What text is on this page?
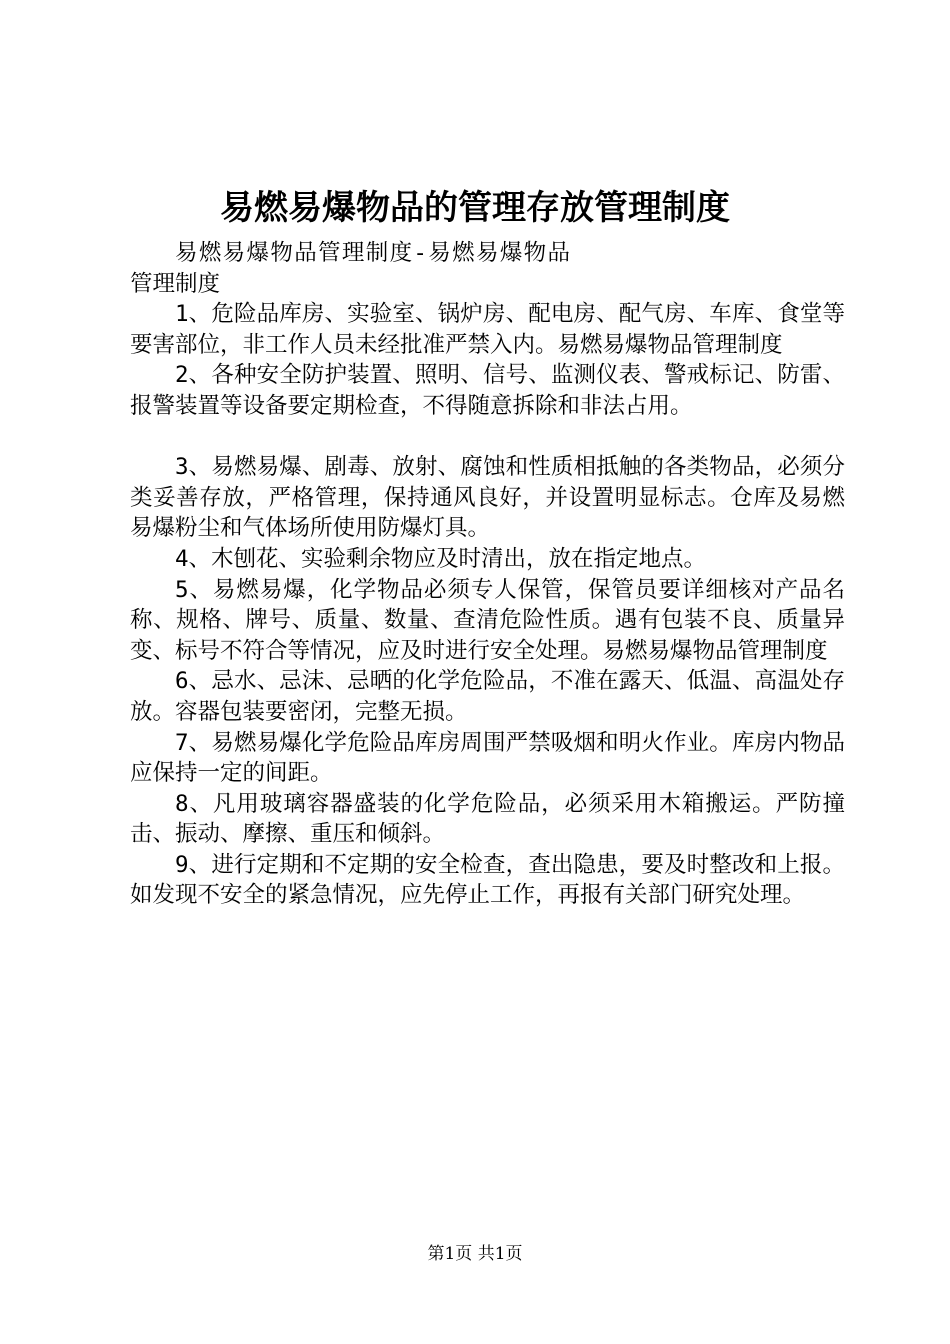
易燃易爆物品的管理存放管理制度

易燃易爆物品管理制度-易燃易爆物品管理制度

1、危险品库房、实验室、锅炉房、配电房、配气房、车库、食堂等要害部位，非工作人员未经批准严禁入内。易燃易爆物品管理制度

2、各种安全防护装置、照明、信号、监测仪表、警戒标记、防雷、报警装置等设备要定期检查，不得随意拆除和非法占用。

3、易燃易爆、剧毒、放射、腐蚀和性质相抵触的各类物品，必须分类妥善存放，严格管理，保持通风良好，并设置明显标志。仓库及易燃易爆粉尘和气体场所使用防爆灯具。

4、木刨花、实验剩余物应及时清出，放在指定地点。

5、易燃易爆，化学物品必须专人保管，保管员要详细核对产品名称、规格、牌号、质量、数量、查清危险性质。遇有包装不良、质量异变、标号不符合等情况，应及时进行安全处理。易燃易爆物品管理制度

6、忌水、忌沫、忌晒的化学危险品，不准在露天、低温、高温处存放。容器包装要密闭，完整无损。

7、易燃易爆化学危险品库房周围严禁吸烟和明火作业。库房内物品应保持一定的间距。

8、凡用玻璃容器盛装的化学危险品，必须采用木箱搬运。严防撞击、振动、摩擦、重压和倾斜。

9、进行定期和不定期的安全检查，查出隐患，要及时整改和上报。如发现不安全的紧急情况，应先停止工作，再报有关部门研究处理。

第1页 共1页
